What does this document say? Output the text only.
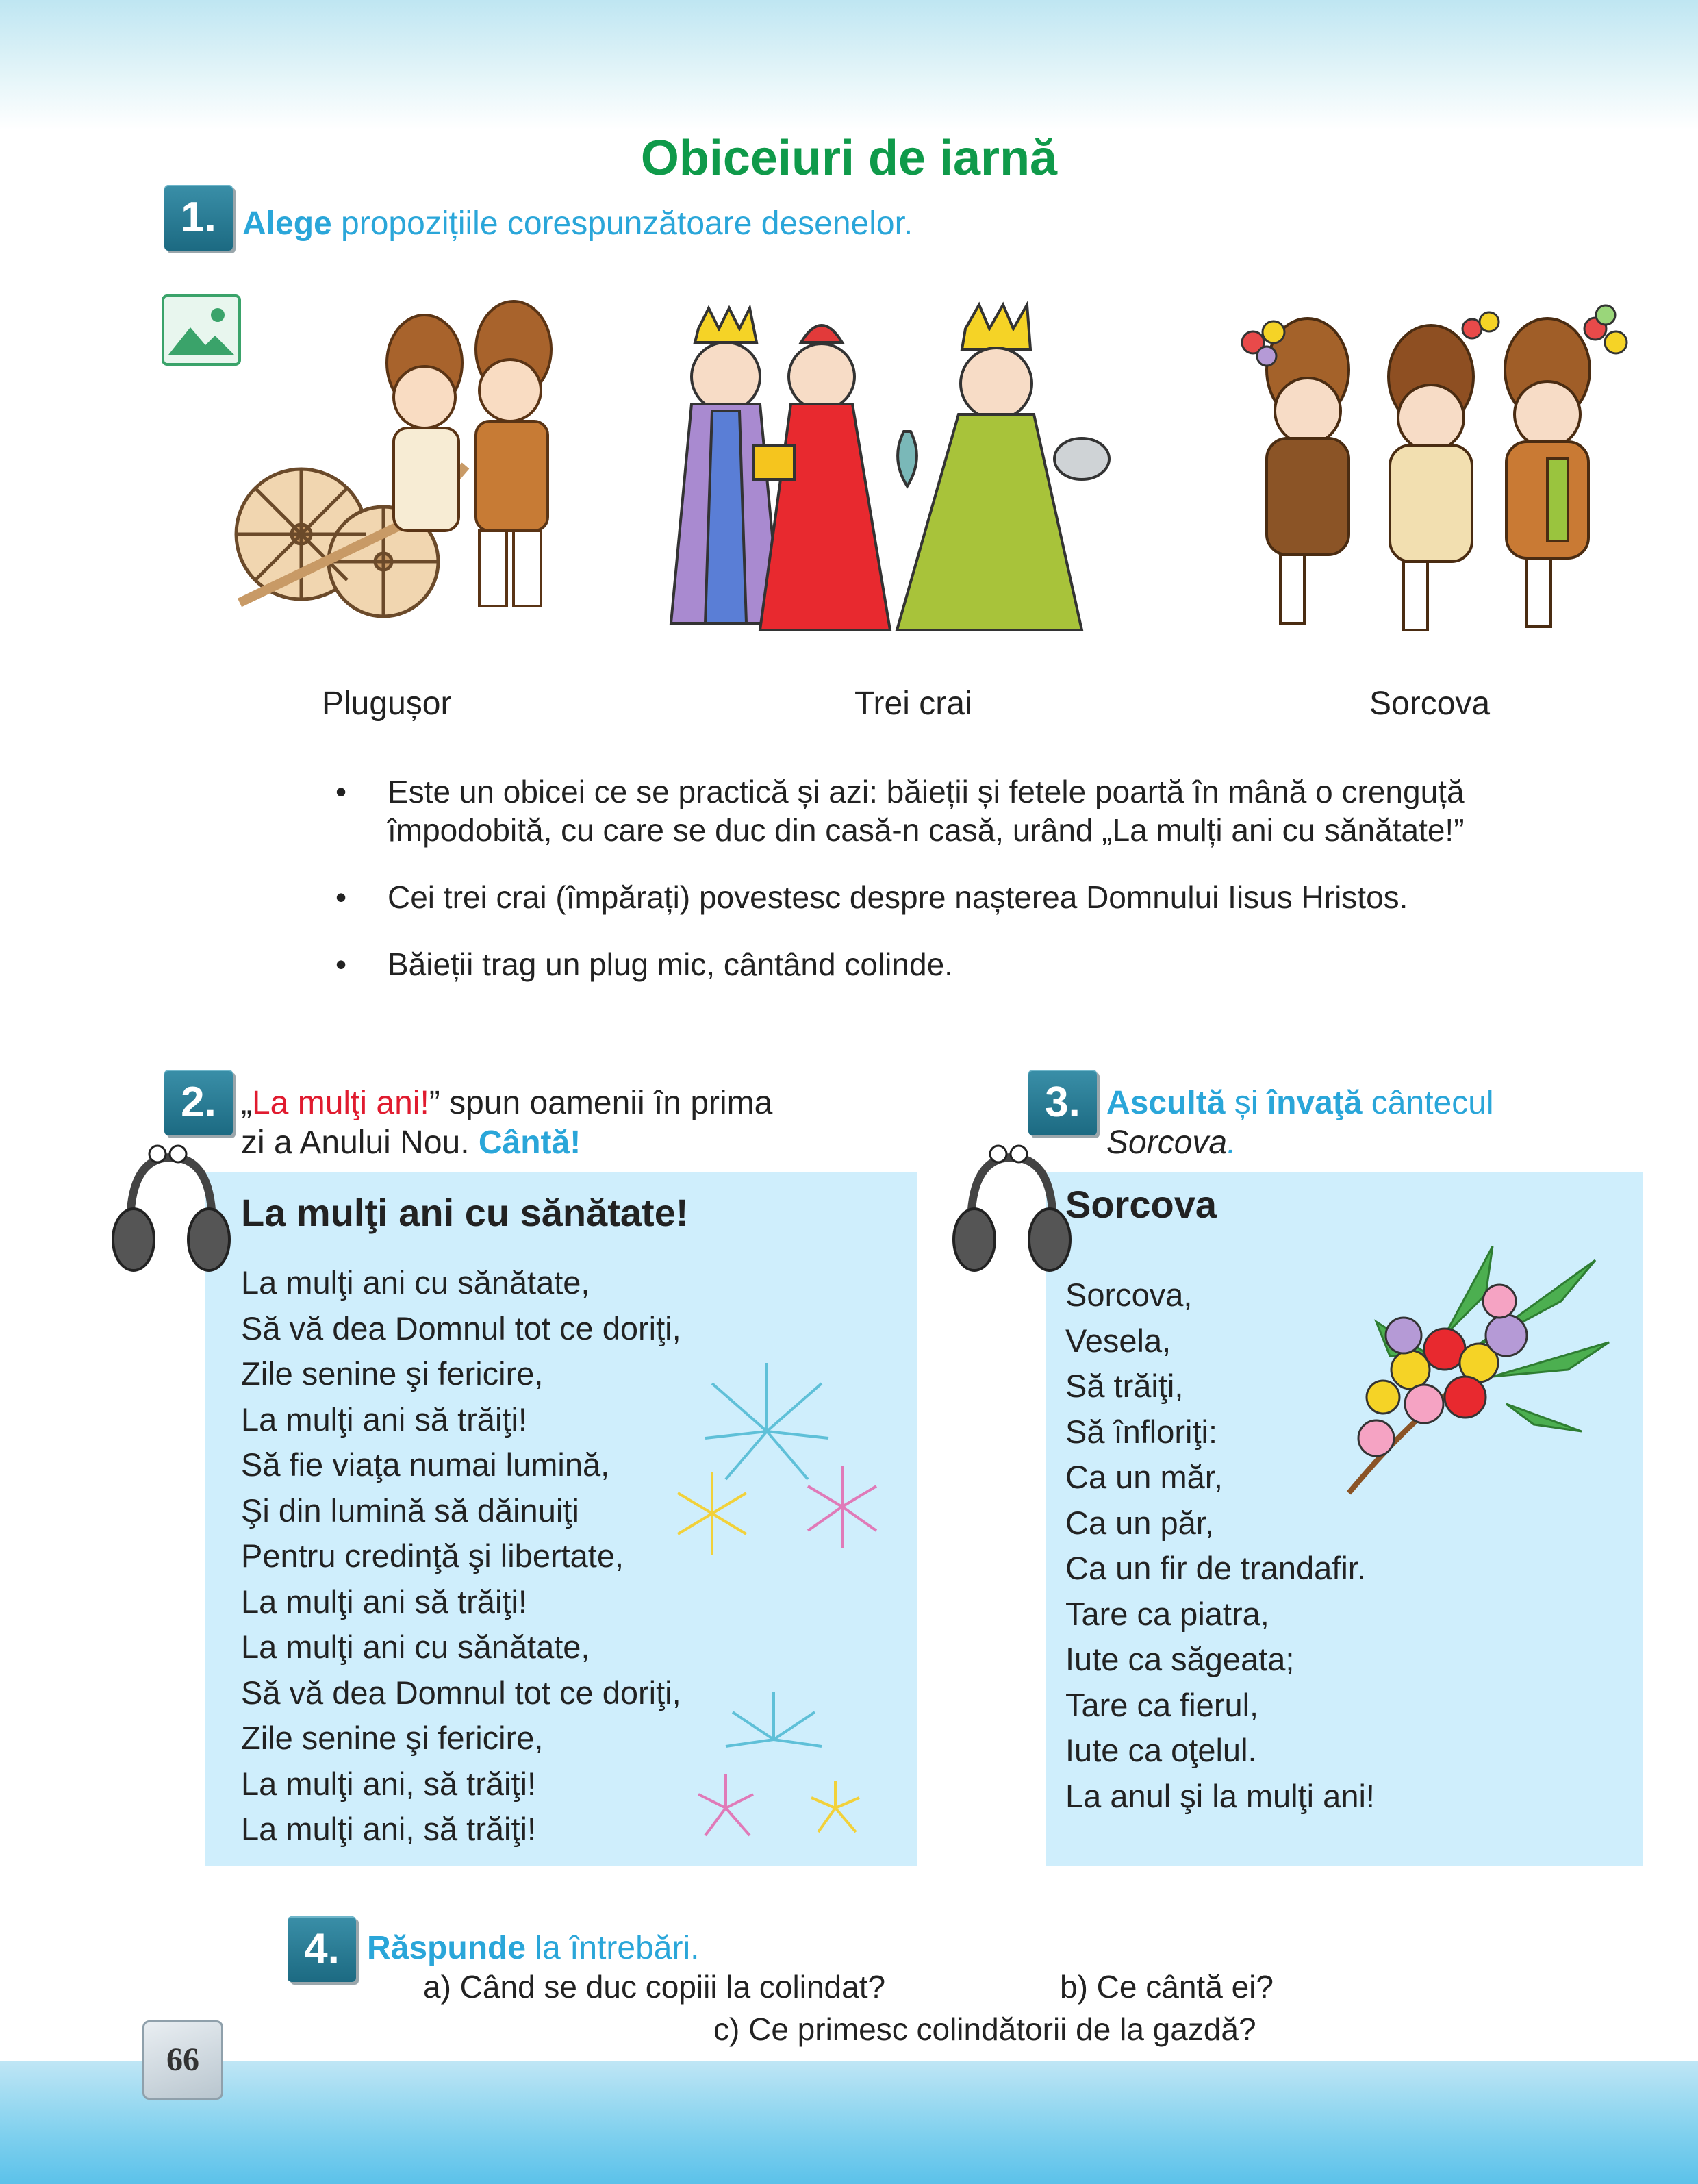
Obiceiuri de iarnă
1. Alege propozițiile corespunzătoare desenelor.
Plugușor	Trei crai	Sorcova
• Este un obicei ce se practică și azi: băieții și fetele poartă în mână o crenguță împodobită, cu care se duc din casă-n casă, urând „La mulți ani cu sănătate!”
• Cei trei crai (împărați) povestesc despre nașterea Domnului Iisus Hristos.
• Băieții trag un plug mic, cântând colinde.
2. „La mulţi ani!” spun oamenii în prima
zi a Anului Nou. Cântă!
3. Ascultă și învaţă cântecul
Sorcova.
La mulţi ani cu sănătate!
La mulţi ani cu sănătate,
Să vă dea Domnul tot ce doriţi,
Zile senine şi fericire,
La mulţi ani să trăiţi!
Să fie viaţa numai lumină,
Şi din lumină să dăinuiţi
Pentru credinţă şi libertate,
La mulţi ani să trăiţi!
La mulţi ani cu sănătate,
Să vă dea Domnul tot ce doriţi,
Zile senine şi fericire,
La mulţi ani, să trăiţi!
La mulţi ani, să trăiţi!
Sorcova
Sorcova,
Vesela,
Să trăiţi,
Să înfloriţi:
Ca un măr,
Ca un păr,
Ca un fir de trandafir.
Tare ca piatra,
Iute ca săgeata;
Tare ca fierul,
Iute ca oţelul.
La anul şi la mulţi ani!
4. Răspunde la întrebări.
a) Când se duc copiii la colindat?	b) Ce cântă ei?
c) Ce primesc colindătorii de la gazdă?
66
